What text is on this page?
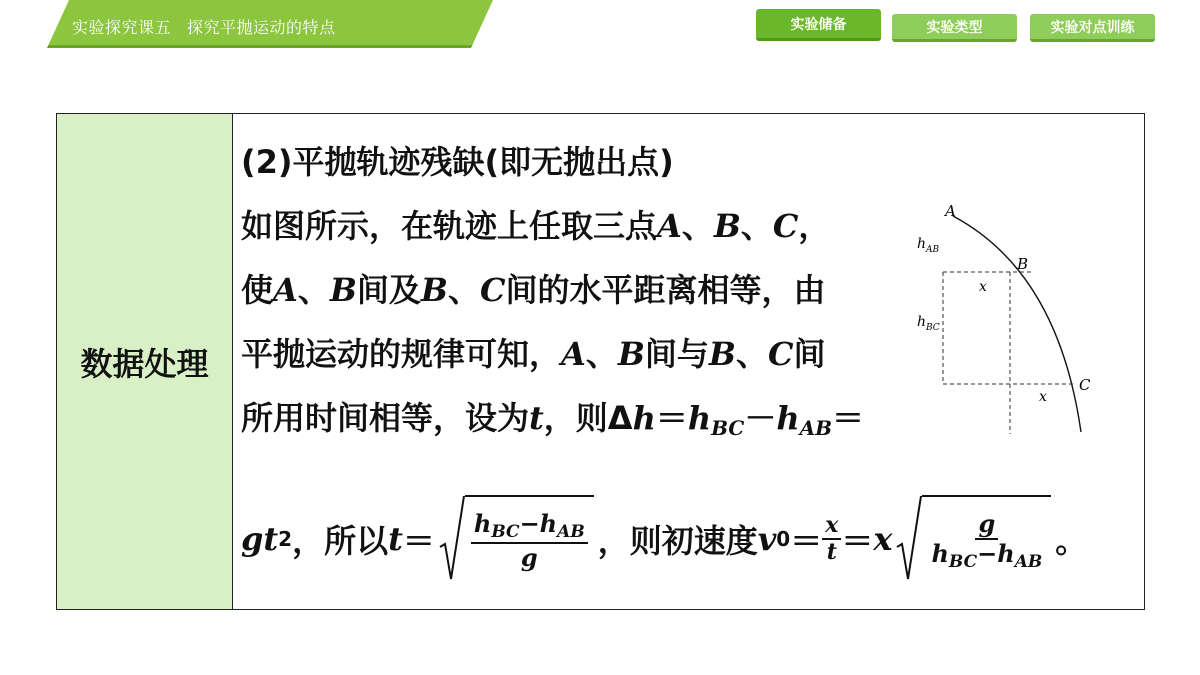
实验探究课五 探究平抛运动的特点	实验储备	实验类型	实验对点训练
数据处理
(2)平抛轨迹残缺(即无抛出点)
如图所示，在轨迹上任取三点A、B、C，
使A、B间及B、C间的水平距离相等，由
平抛运动的规律可知，A、B间与B、C间
所用时间相等，设为t，则$\Delta h=h_{BC}-h_{AB}=$
g t 2 ，所以 $t = \frac{h_{BC}-h_{AB}}{g}$ ，则初速度 v $0 = \frac{x}{t} = x \frac{g}{h_{BC}-h_{AB}}$ 。
A
B
C
$h_{AB}$
$h_{BC}$
x
x
